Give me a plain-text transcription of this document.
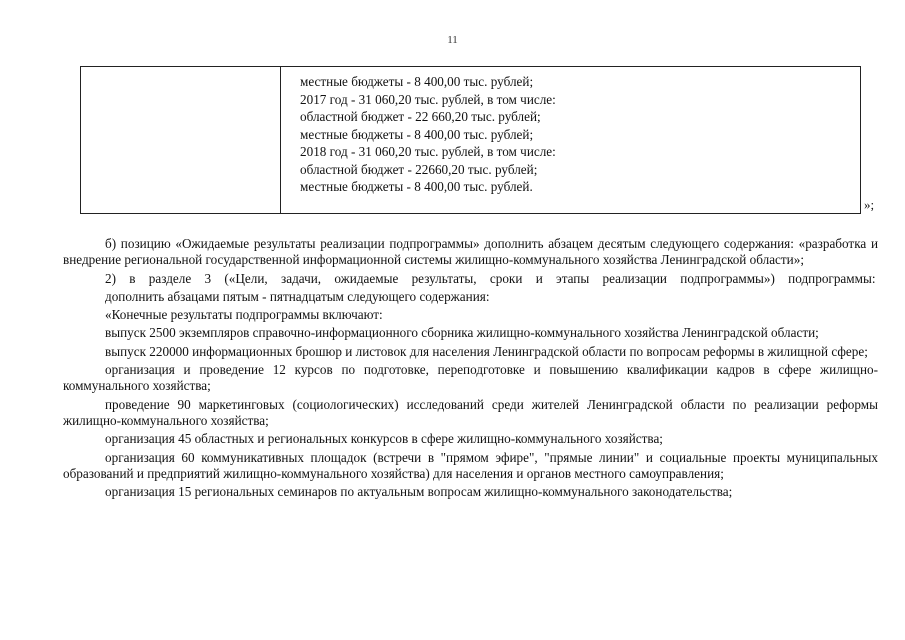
11
местные бюджеты - 8 400,00 тыс. рублей;
2017 год - 31 060,20 тыс. рублей, в том числе:
областной бюджет - 22 660,20 тыс. рублей;
местные бюджеты - 8 400,00 тыс. рублей;
2018 год - 31 060,20 тыс. рублей, в том числе:
областной бюджет - 22660,20 тыс. рублей;
местные бюджеты - 8 400,00 тыс. рублей.
»;

б) позицию «Ожидаемые результаты реализации подпрограммы» дополнить абзацем десятым следующего содержания: «разработка и внедрение региональной государственной информационной системы жилищно-коммунального хозяйства Ленинградской области»;

2) в разделе 3 («Цели, задачи, ожидаемые результаты, сроки и этапы реализации подпрограммы») подпрограммы:

дополнить абзацами пятым - пятнадцатым следующего содержания:

«Конечные результаты подпрограммы включают:

выпуск 2500 экземпляров справочно-информационного сборника жилищно-коммунального хозяйства Ленинградской области;

выпуск 220000 информационных брошюр и листовок для населения Ленинградской области по вопросам реформы в жилищной сфере;

организация и проведение 12 курсов по подготовке, переподготовке и повышению квалификации кадров в сфере жилищно-коммунального хозяйства;

проведение 90 маркетинговых (социологических) исследований среди жителей Ленинградской области по реализации реформы жилищно-коммунального хозяйства;

организация 45 областных и региональных конкурсов в сфере жилищно-коммунального хозяйства;

организация 60 коммуникативных площадок (встречи в "прямом эфире", "прямые линии" и социальные проекты муниципальных образований и предприятий жилищно-коммунального хозяйства) для населения и органов местного самоуправления;

организация 15 региональных семинаров по актуальным вопросам жилищно-коммунального законодательства;
